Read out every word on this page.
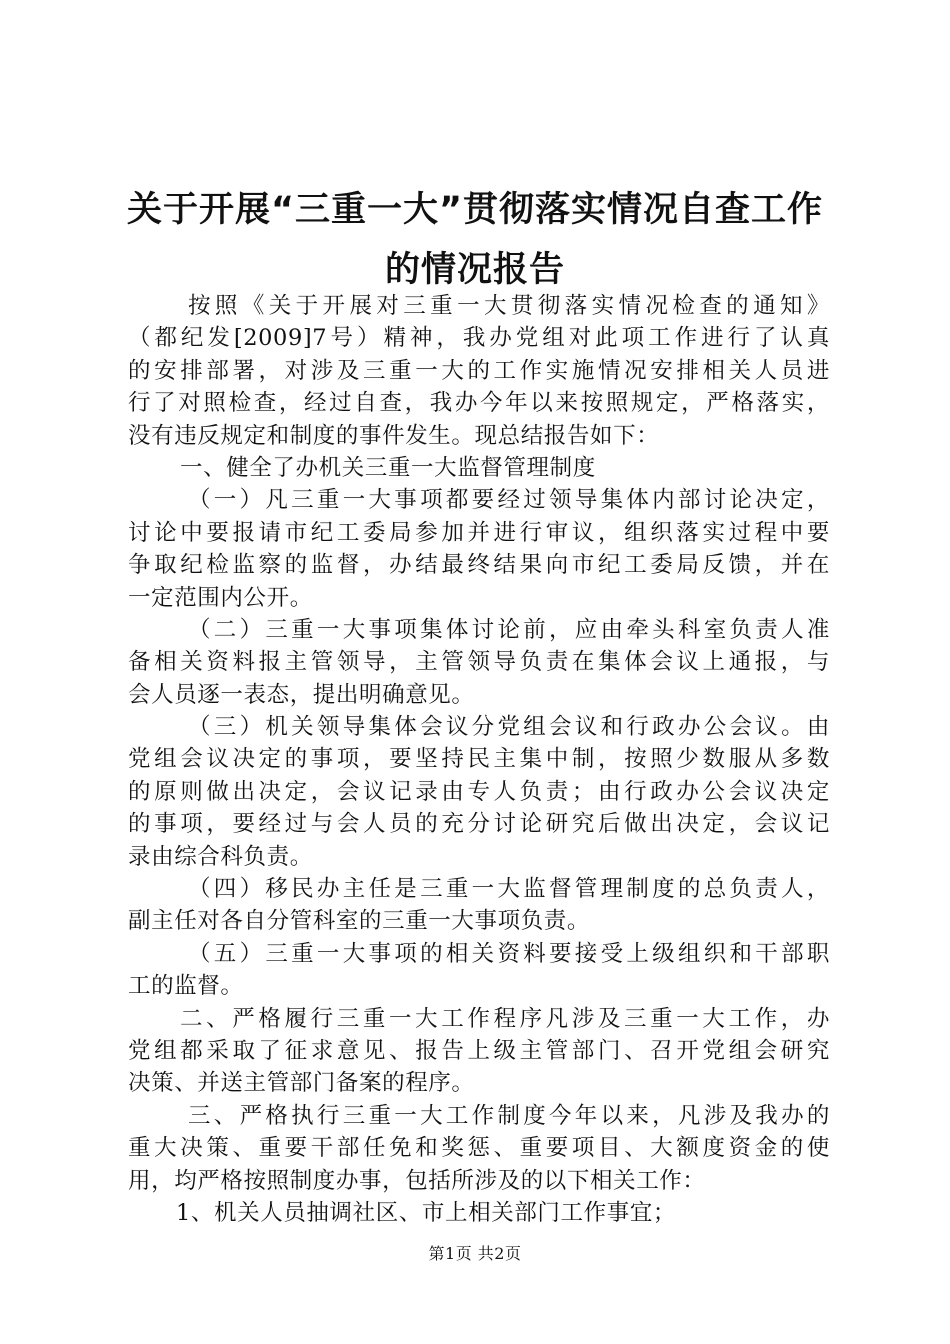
关于开展“三重一大”贯彻落实情况自查工作
的情况报告
按照《关于开展对三重一大贯彻落实情况检查的通知》
（都纪发[2009]7号）精神，我办党组对此项工作进行了认真
的安排部署，对涉及三重一大的工作实施情况安排相关人员进
行了对照检查，经过自查，我办今年以来按照规定，严格落实，
没有违反规定和制度的事件发生。现总结报告如下：
一、健全了办机关三重一大监督管理制度
（一）凡三重一大事项都要经过领导集体内部讨论决定，
讨论中要报请市纪工委局参加并进行审议，组织落实过程中要
争取纪检监察的监督，办结最终结果向市纪工委局反馈，并在
一定范围内公开。
（二）三重一大事项集体讨论前，应由牵头科室负责人准
备相关资料报主管领导，主管领导负责在集体会议上通报，与
会人员逐一表态，提出明确意见。
（三）机关领导集体会议分党组会议和行政办公会议。由
党组会议决定的事项，要坚持民主集中制，按照少数服从多数
的原则做出决定，会议记录由专人负责；由行政办公会议决定
的事项，要经过与会人员的充分讨论研究后做出决定，会议记
录由综合科负责。
（四）移民办主任是三重一大监督管理制度的总负责人，
副主任对各自分管科室的三重一大事项负责。
（五）三重一大事项的相关资料要接受上级组织和干部职
工的监督。
二、严格履行三重一大工作程序凡涉及三重一大工作，办
党组都采取了征求意见、报告上级主管部门、召开党组会研究
决策、并送主管部门备案的程序。
三、严格执行三重一大工作制度今年以来，凡涉及我办的
重大决策、重要干部任免和奖惩、重要项目、大额度资金的使
用，均严格按照制度办事，包括所涉及的以下相关工作：
1、机关人员抽调社区、市上相关部门工作事宜；
第1页 共2页
